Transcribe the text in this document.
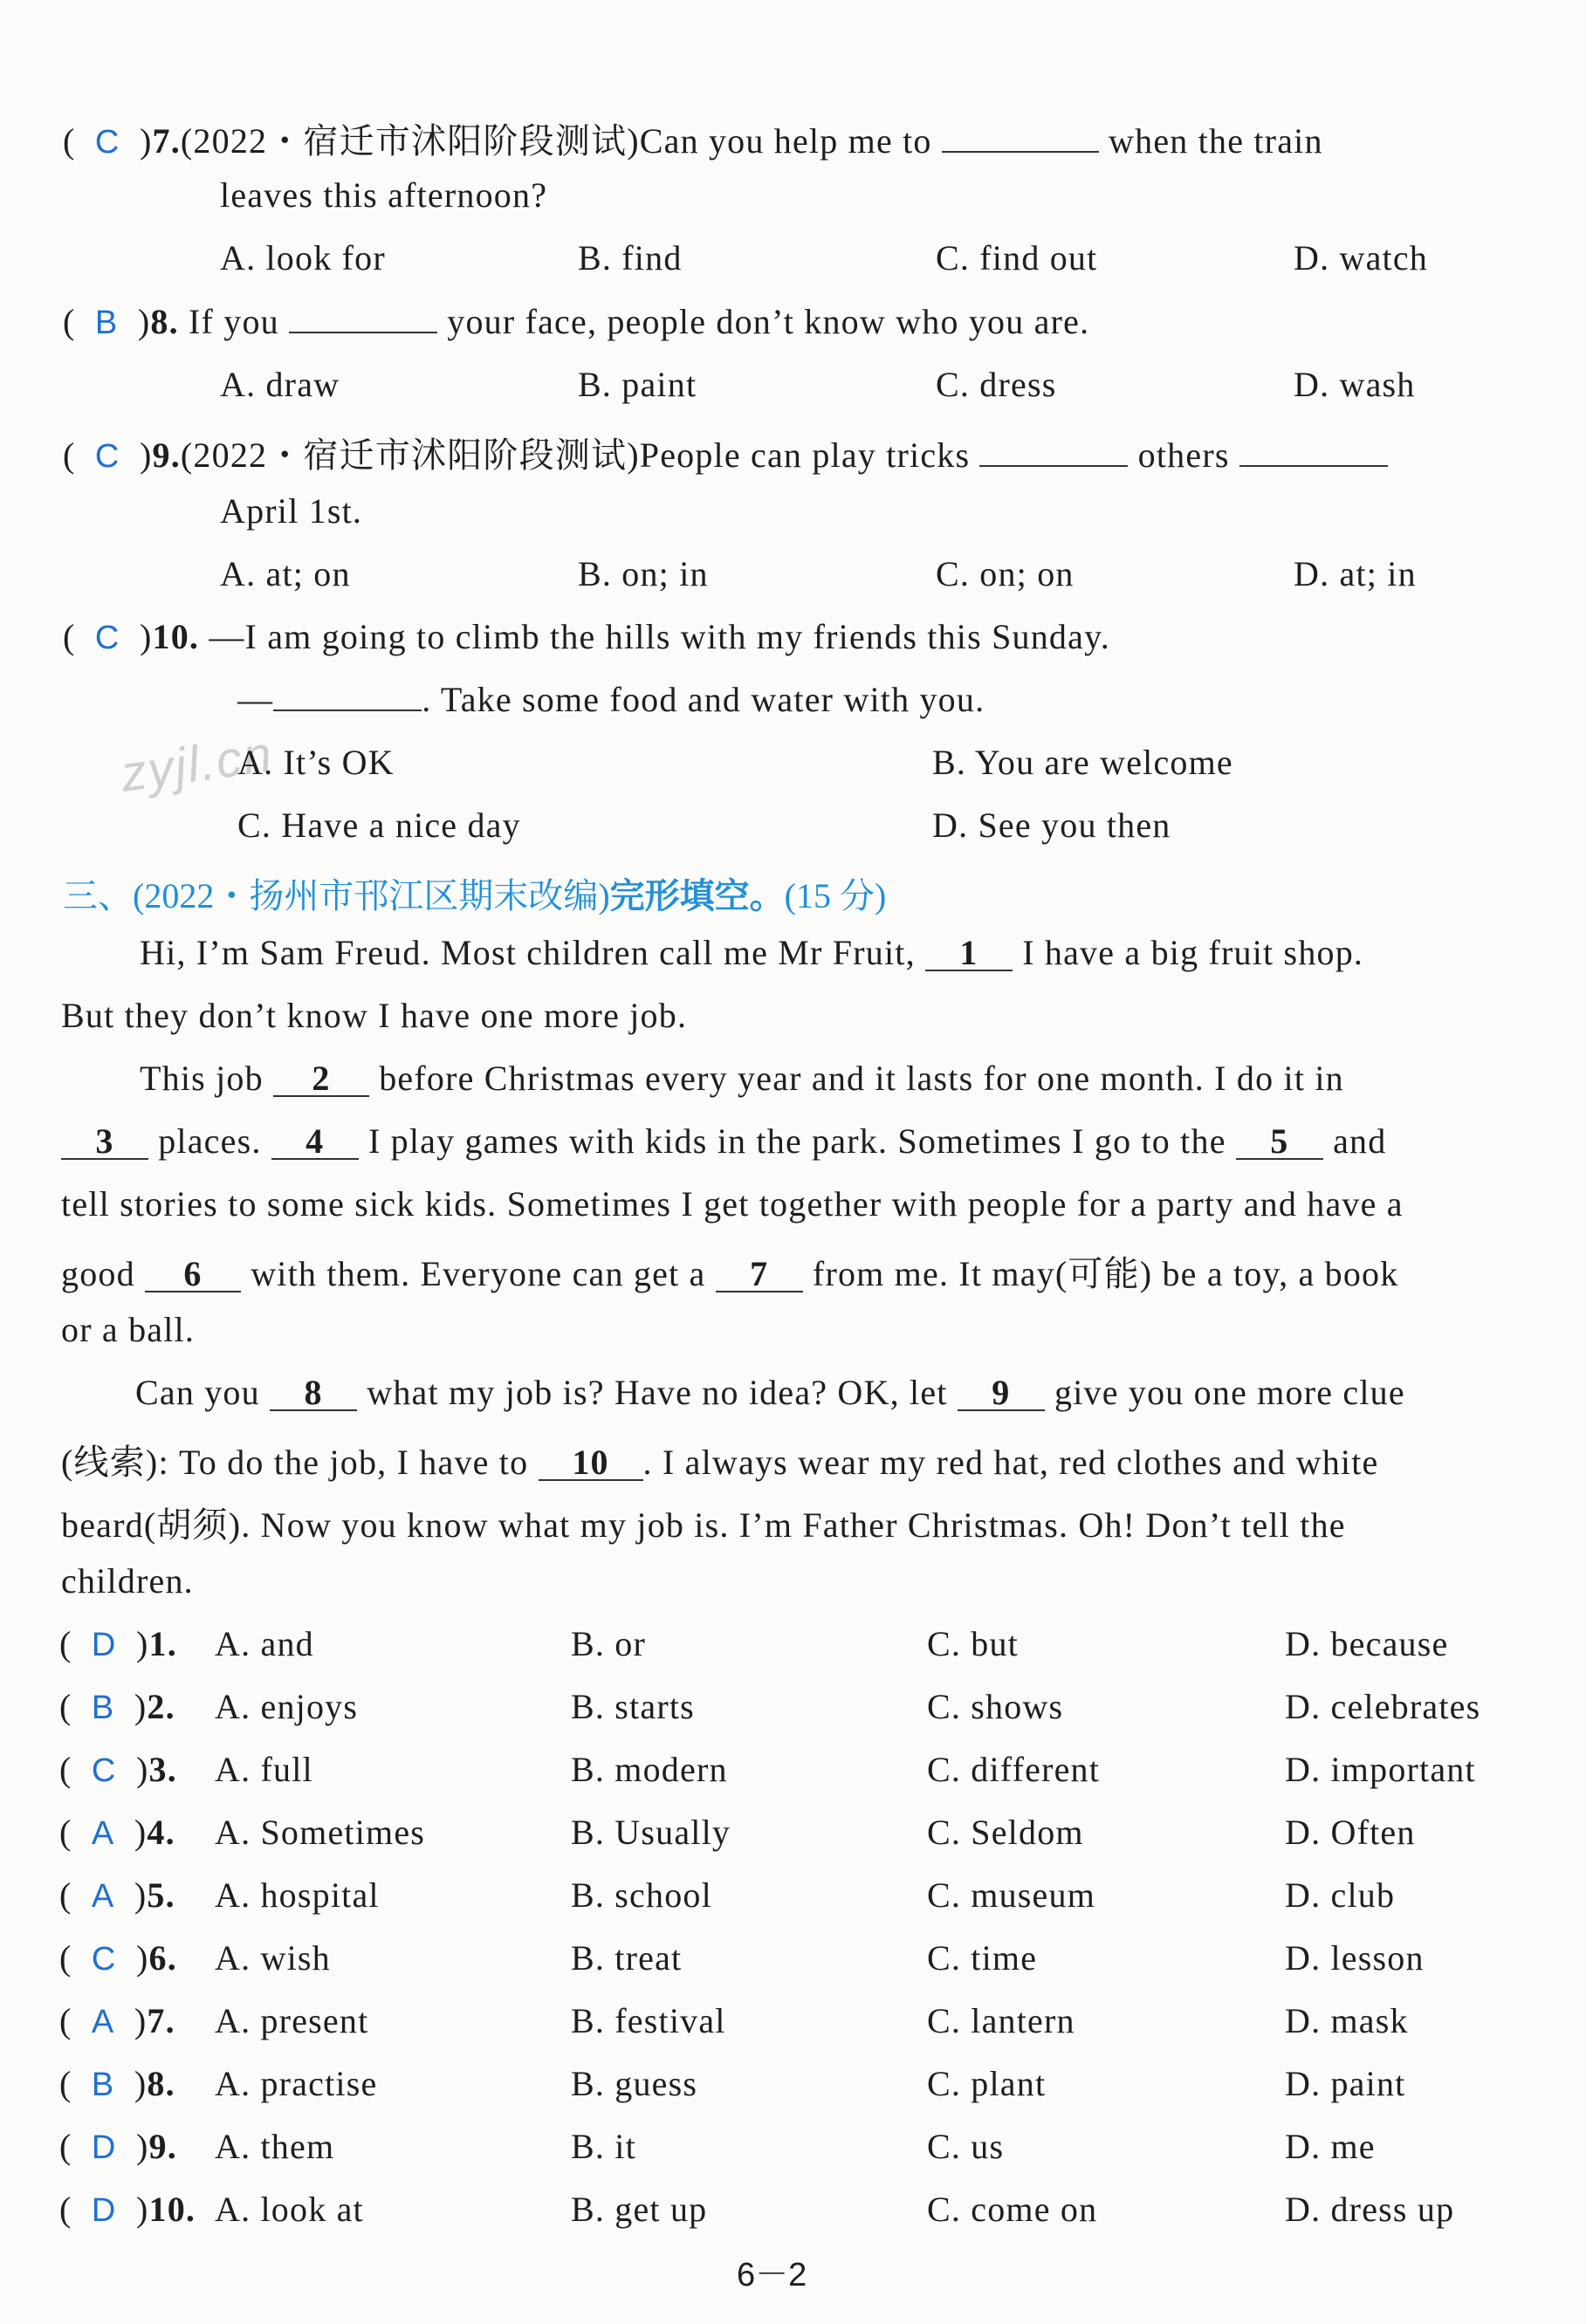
(  C  )7.(2022・宿迁市沭阳阶段测试)Can you help me to	when the train
leaves this afternoon?
A. look for	B. find	C. find out	D. watch
(  B  )8. If you	your face, people don’t know who you are.
A. draw	B. paint	C. dress	D. wash
(  C  )9.(2022・宿迁市沭阳阶段测试)People can play tricks	others
April 1st.
A. at; on	B. on; in	C. on; on	D. at; in
(  C  )10. —I am going to climb the hills with my friends this Sunday.
—	. Take some food and water with you.
zyjl.cn
A. It’s OK	B. You are welcome
C. Have a nice day	D. See you then
三、(2022・扬州市邗江区期末改编)完形填空。(15 分)
Hi, I’m Sam Freud. Most children call me Mr Fruit, 1 I have a big fruit shop.
But they don’t know I have one more job.
This job 2 before Christmas every year and it lasts for one month. I do it in
3 places. 4 I play games with kids in the park. Sometimes I go to the 5 and
tell stories to some sick kids. Sometimes I get together with people for a party and have a
good 6 with them. Everyone can get a 7 from me. It may(可能) be a toy, a book
or a ball.
Can you 8 what my job is? Have no idea? OK, let 9 give you one more clue
(线索): To do the job, I have to 10 . I always wear my red hat, red clothes and white
beard(胡须). Now you know what my job is. I’m Father Christmas. Oh! Don’t tell the
children.
(  D  )1. A. and	B. or	C. but	D. because
(  B  )2. A. enjoys	B. starts	C. shows	D. celebrates
(  C  )3. A. full	B. modern	C. different	D. important
(  A  )4. A. Sometimes	B. Usually	C. Seldom	D. Often
(  A  )5. A. hospital	B. school	C. museum	D. club
(  C  )6. A. wish	B. treat	C. time	D. lesson
(  A  )7. A. present	B. festival	C. lantern	D. mask
(  B  )8. A. practise	B. guess	C. plant	D. paint
(  D  )9. A. them	B. it	C. us	D. me
(  D  )10. A. look at	B. get up	C. come on	D. dress up
6－2
